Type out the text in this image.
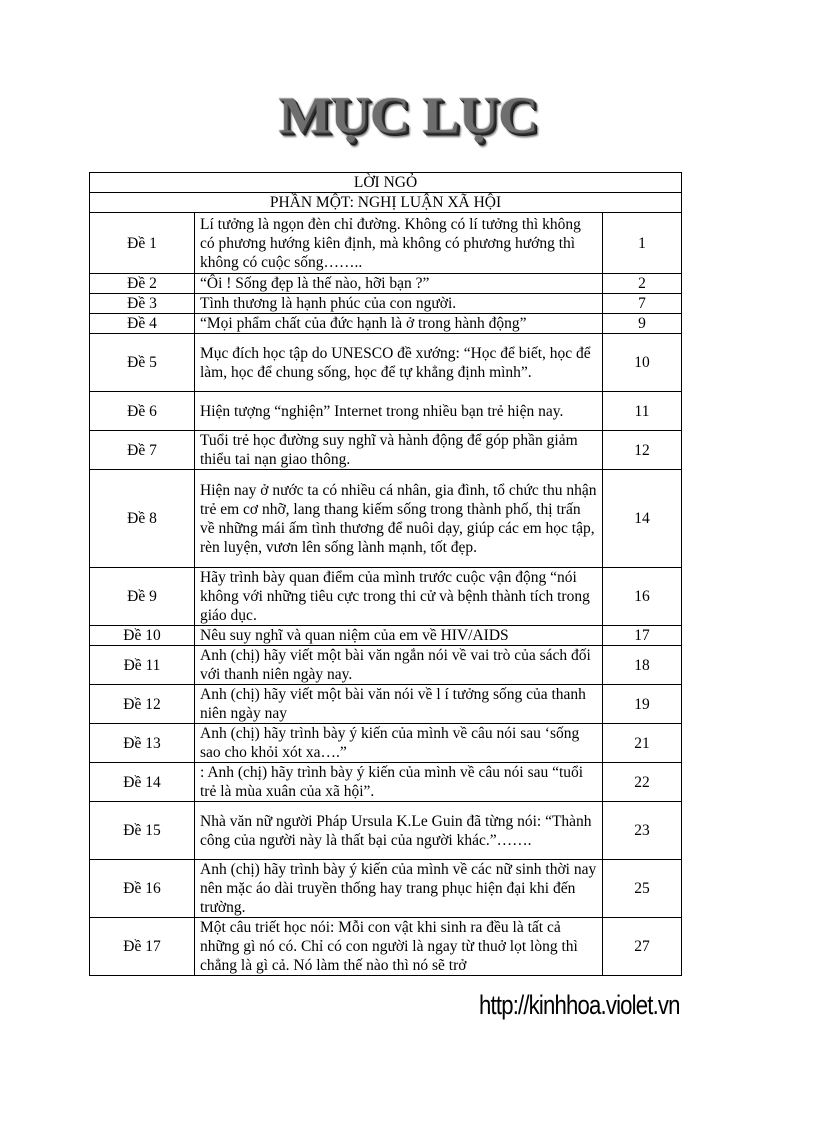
MỤC LỤC
LỜI NGỎ		
PHẦN MỘT: NGHỊ LUẬN XÃ HỘI		
Đề 1	Lí tưởng là ngọn đèn chỉ đường. Không có lí tưởng thì không có phương hướng kiên định, mà không có phương hướng thì không có cuộc sống……..	1
Đề 2	“Ôi ! Sống đẹp là thế nào, hỡi bạn ?”	2
Đề 3	Tình thương là hạnh phúc của con người.	7
Đề 4	“Mọi phẩm chất của đức hạnh là ở trong hành động”	9
Đề 5	Mục đích học tập do UNESCO đề xướng: “Học để biết, học để làm, học để chung sống, học để tự khẳng định mình”.	10
Đề 6	Hiện tượng “nghiện” Internet trong nhiều bạn trẻ hiện nay.	11
Đề 7	Tuổi trẻ học đường suy nghĩ và hành động để góp phần giảm thiểu tai nạn giao thông.	12
Đề 8	Hiện nay ở nước ta có nhiều cá nhân, gia đình, tổ chức thu nhận trẻ em cơ nhỡ, lang thang kiếm sống trong thành phố, thị trấn về những mái ấm tình thương để nuôi dạy, giúp các em học tập, rèn luyện, vươn lên sống lành mạnh, tốt đẹp.	14
Đề 9	Hãy trình bày quan điểm của mình trước cuộc vận động “nói không với những tiêu cực trong thi cử và bệnh thành tích trong giáo dục.	16
Đề 10	Nêu suy nghĩ và quan niệm của em về HIV/AIDS	17
Đề 11	Anh (chị) hãy viết một bài văn ngắn nói về vai trò của sách đối với thanh niên ngày nay.	18
Đề 12	Anh (chị) hãy viết một bài văn nói về l í tưởng sống của thanh niên ngày nay	19
Đề 13	Anh (chị) hãy trình bày ý kiến của mình về câu nói sau ‘sống sao cho khỏi xót xa….”	21
Đề 14	: Anh (chị) hãy trình bày ý kiến của mình về câu nói sau “tuổi trẻ là mùa xuân của xã hội”.	22
Đề 15	Nhà văn nữ người Pháp Ursula K.Le Guin đã từng nói: “Thành công của người này là thất bại của người khác.”…….	23
Đề 16	Anh (chị) hãy trình bày ý kiến của mình về các nữ sinh thời nay nên mặc áo dài truyền thống hay trang phục hiện đại khi đến trường.	25
Đề 17	Một câu triết học nói: Mỗi con vật khi sinh ra đều là tất cả những gì nó có. Chỉ có con người là ngay từ thuở lọt lòng thì chẳng là gì cả. Nó làm thế nào thì nó sẽ trở	27
http://kinhhoa.violet.vn
